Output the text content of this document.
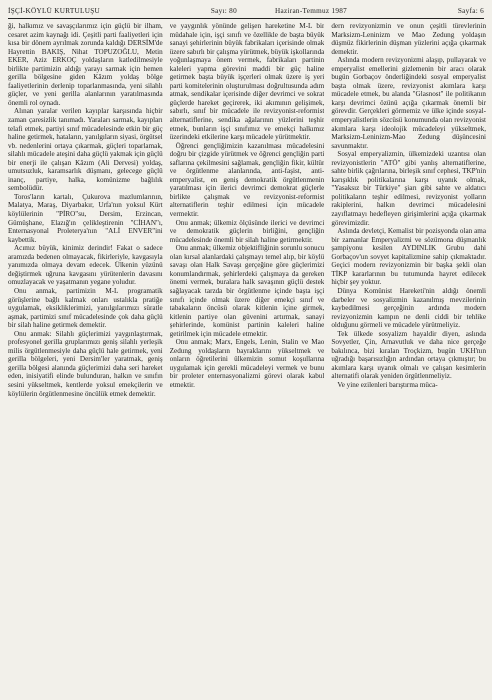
İŞÇİ-KÖYLÜ KURTULUŞU	Sayı: 80	Haziran-Temmuz 1987	Sayfa: 6

ği, halkımız ve savaşçılarımız için güçlü bir ilham, cesaret azim kaynağı idi. Çeşitli parti faaliyetleri için kısa bir dönem ayrılmak zorunda kaldığı DERSİM'de Hayrettin BAKIŞ, Nihat TOPUZOĞLU, Metin EKER, Aziz ERKOÇ yoldaşların katledilmesiyle birlikte partimizin aldığı yarayı sarmak için hemen gerilla bölgesine giden Kâzım yoldaş bölge faaliyetlerinin derlenip toparlanmasında, yeni silahlı güçler, ve yeni gerilla alanlarının yaratılmasında önemli rol oynadı.

Alınan yaralar verilen kayıplar karşısında hiçbir zaman çaresizlik tanımadı. Yaraları sarmak, kayıpları telafi etmek, partiyi sınıf mücadelesinde etkin bir güç haline getirmek, hataların, yanılgıların siyasi, örgütsel vb. nedenlerini ortaya çıkarmak, güçleri toparlamak, silahlı mücadele ateşini daha güçlü yakmak için güçlü bir enerji ile çalışan Kâzım (Ali Dervesi) yoldaş, umutsuzluk, karamsarlık düşmanı, gelecege güçlü inanç, partiye, halka, komünizme bağlılık sembolüdür.

Toros'ların kartalı, Çukurova mazlumlarının, Malatya, Maraş, Diyarbakır, Urfa'nın yoksul Kürt köylülerinin "PİRO"su, Dersim, Erzincan, Gümüşhane, Elazığ'ın çelikleştirenin "CİHAN"ı, Enternasyonal Proleterya'nın "ALİ ENVER"ini kaybettik.

Acımız büyük, kinimiz derindir! Fakat o sadece aramızda bedenen olmayacak, fikirleriyle, kavgasıyla yanımızda olmaya devam edecek. Ülkenin yüzünü değiştirmek uğruna kavgasını yürütenlerin davasını omuzlayacak ve yaşatmanın yegane yoludur.

Onu anmak, partimizin M-L programatik görüşlerine bağlı kalmak onları ustalıkla pratiğe uygulamak, eksikliklerimizi, yanılgılarımızı süratle aşmak, partimizi sınıf mücadelesinde çok daha güçlü bir silah haline getirmek demektir.

Onu anmak: Silahlı güçlerimizi yaygınlaştırmak, profesyonel gerilla gruplarımızı geniş silahlı yerleşik milis örgütlenmesiyle daha güçlü hale getirmek, yeni gerilla bölgeleri, yeni Dersim'ler yaratmak, geniş gerilla bölgesi alanında güçlerimizi daha seri hareket eden, inisiyatifi elinde bulunduran, halkın ve sınıfın sesini yükseltmek, kentlerde yoksul emekçilerin ve köylülerin örgütlenmesine öncülük etmek demektir.

ve yaygınlık yönünde gelişen hareketine M-L bir müdahale için, işçi sınıfı ve özellikle de başta büyük sanayi şehirlerinin büyük fabrikaları içerisinde olmak üzere sabırlı bir çalışma yürütmek, büyük işkollarında yoğunlaşmaya önem vermek, fabrikaları partinin kaleleri yapma görevini maddi bir güç haline getirmek başta büyük işçerleri olmak üzere iş yeri parti komitelerinin oluşturulması doğrultusunda adım atmak, sendikalar içerisinde diğer devrimci ve sokrat güçlerde hareket geçirerek, iki akımının gelişimek, sabırlı, sınıf bir mücadele ile revizyonist-reformist alternatiflerine, sendika ağalarının yüzlerini teşhir etmek, bunların işçi sınıfımız ve emekçi halkımız üzerindeki etkilerine karşı mücadele yürütmektir.

Öğrenci gençliğimizin kazanılması mücadelesini doğru bir çizgide yürütmek ve öğrenci gençliğin parti saflarına çekilmesini sağlamak, gençliğin fikir, kültür ve örgütlenme alanlarında, anti-faşist, anti-emperyalist, en geniş demokratik örgütlenmenin yaratılması için ilerici devrimci demokrat güçlerle birlikte çalışmak ve revizyonist-reformist alternatiflerin teşhir edilmesi için mücadele vermektir.

Onu anmak; ülkemiz ölçüsünde ilerici ve devrimci ve demokratik güçlerin birliğini, gençliğin mücadelesinde önemli bir silah haline getirmektir.

Onu anmak; ülkemiz objektifliğinin sorunlu sonucu olan kırsal alanlardaki çalışmayı temel alıp, bir köylü savaşı olan Halk Savaşı gerçeğine göre güçlerimizi konumlandırmak, şehirlerdeki çalışmaya da gereken önemi vermek, buralara halk savaşının güçlü destek sağlayacak tarzda bir örgütlenme içinde başta işçi sınıfı içinde olmak üzere diğer emekçi sınıf ve tabakaların öncüsü olarak kitlenin içine girmek, kitlenin partiye olan güvenini artırmak, sanayi şehirlerinde, komünist partinin kaleleri haline getirilmek için mücadele etmektir.

Onu anmak; Marx, Engels, Lenin, Stalin ve Mao Zedung yoldaşların bayraklarını yükseltmek ve onların öğretilerini ülkemizin somut koşullarına uygulamak için gerekli mücadeleyi vermek ve bunu bir proleter enternasyonalizmi görevi olarak kabul etmektir.

dern revizyonizmin ve onun çeşitli türevlerinin Marksizm-Leninizm ve Mao Zedung yoldaşın düşmüz fikirlerinin düşman yüzlerini açığa çıkarmak demektir.

Aslında modern revizyonizmi alaşıp, pullayarak ve emperyalist emellerini gizlemenin bir aracı olarak bugün Gorbaçov önderliğindeki sosyal emperyalist başta olmak üzere, revizyonist akımlara karşı mücadele etmek, bu alanda "Glasnost" ile politikanın karşı devrimci özünü açığa çıkarmak önemli bir görevdir. Gerçekleri görmemiz ve ülke içinde sosyal-emperyalistlerin sözcüsü konumunda olan revizyonist akımlara karşı ideolojik mücadeleyi yükseltmek, Marksizm-Leninizm-Mao Zedung düşüncesini savunmaktır.

Sosyal emperyalizmin, ülkemizdeki uzantısı olan revizyonistlerin "ATÖ" gibi yanlış alternatiflerine, sahte birlik çağrılarına, birleşik sınıf cephesi, TKP'nin karışıklık politikalarına karşı uyanık olmak, "Yasaksız bir Türkiye" şiarı gibi sahte ve aldatıcı politikaların teşhir edilmesi, revizyonist yolların rakiplerini, halkın devrimci mücadelesini zayıflatmayı hedefleyen girişimlerini açığa çıkarmak görevimizdir.

Aslında devletçi, Kemalist bir pozisyonda olan ama bir zamanlar Emperyalizmi ve sözümona düşmanlık şampiyonu kesilen AYDINLIK Grubu dahi Gorbaçov'un sovyet kapitalizmine sahip çıkmaktadır. Geçici modern revizyonizmin bir başka şekli olan TİKP kararlarının bu tutumunda hayret edilecek hiçbir şey yoktur.

Dünya Komünist Hareketi'nin aldığı önemli darbeler ve sosyalizmin kazanılmış mevzilerinin kaybedilmesi gerçeğinin ardında modern revizyonizmin kampın ne denli ciddi bir tehlike olduğunu görmeli ve mücadele yürütmeliyiz.

Tek ülkede sosyalizm hayaldir diyen, aslında Sovyetler, Çin, Arnavutluk ve daha nice gerçeğe bakılınca, bizi kıralan Troçkizm, bugün UKH'nın uğradığı başarısızlığın ardından ortaya çıkmıştır; bu akımlara karşı uyanık olmalı ve çalışan kesimlerin alternatifi olarak yeniden örgütlenmeliyiz.

Ve yine ezilenleri barıştırma müca-
